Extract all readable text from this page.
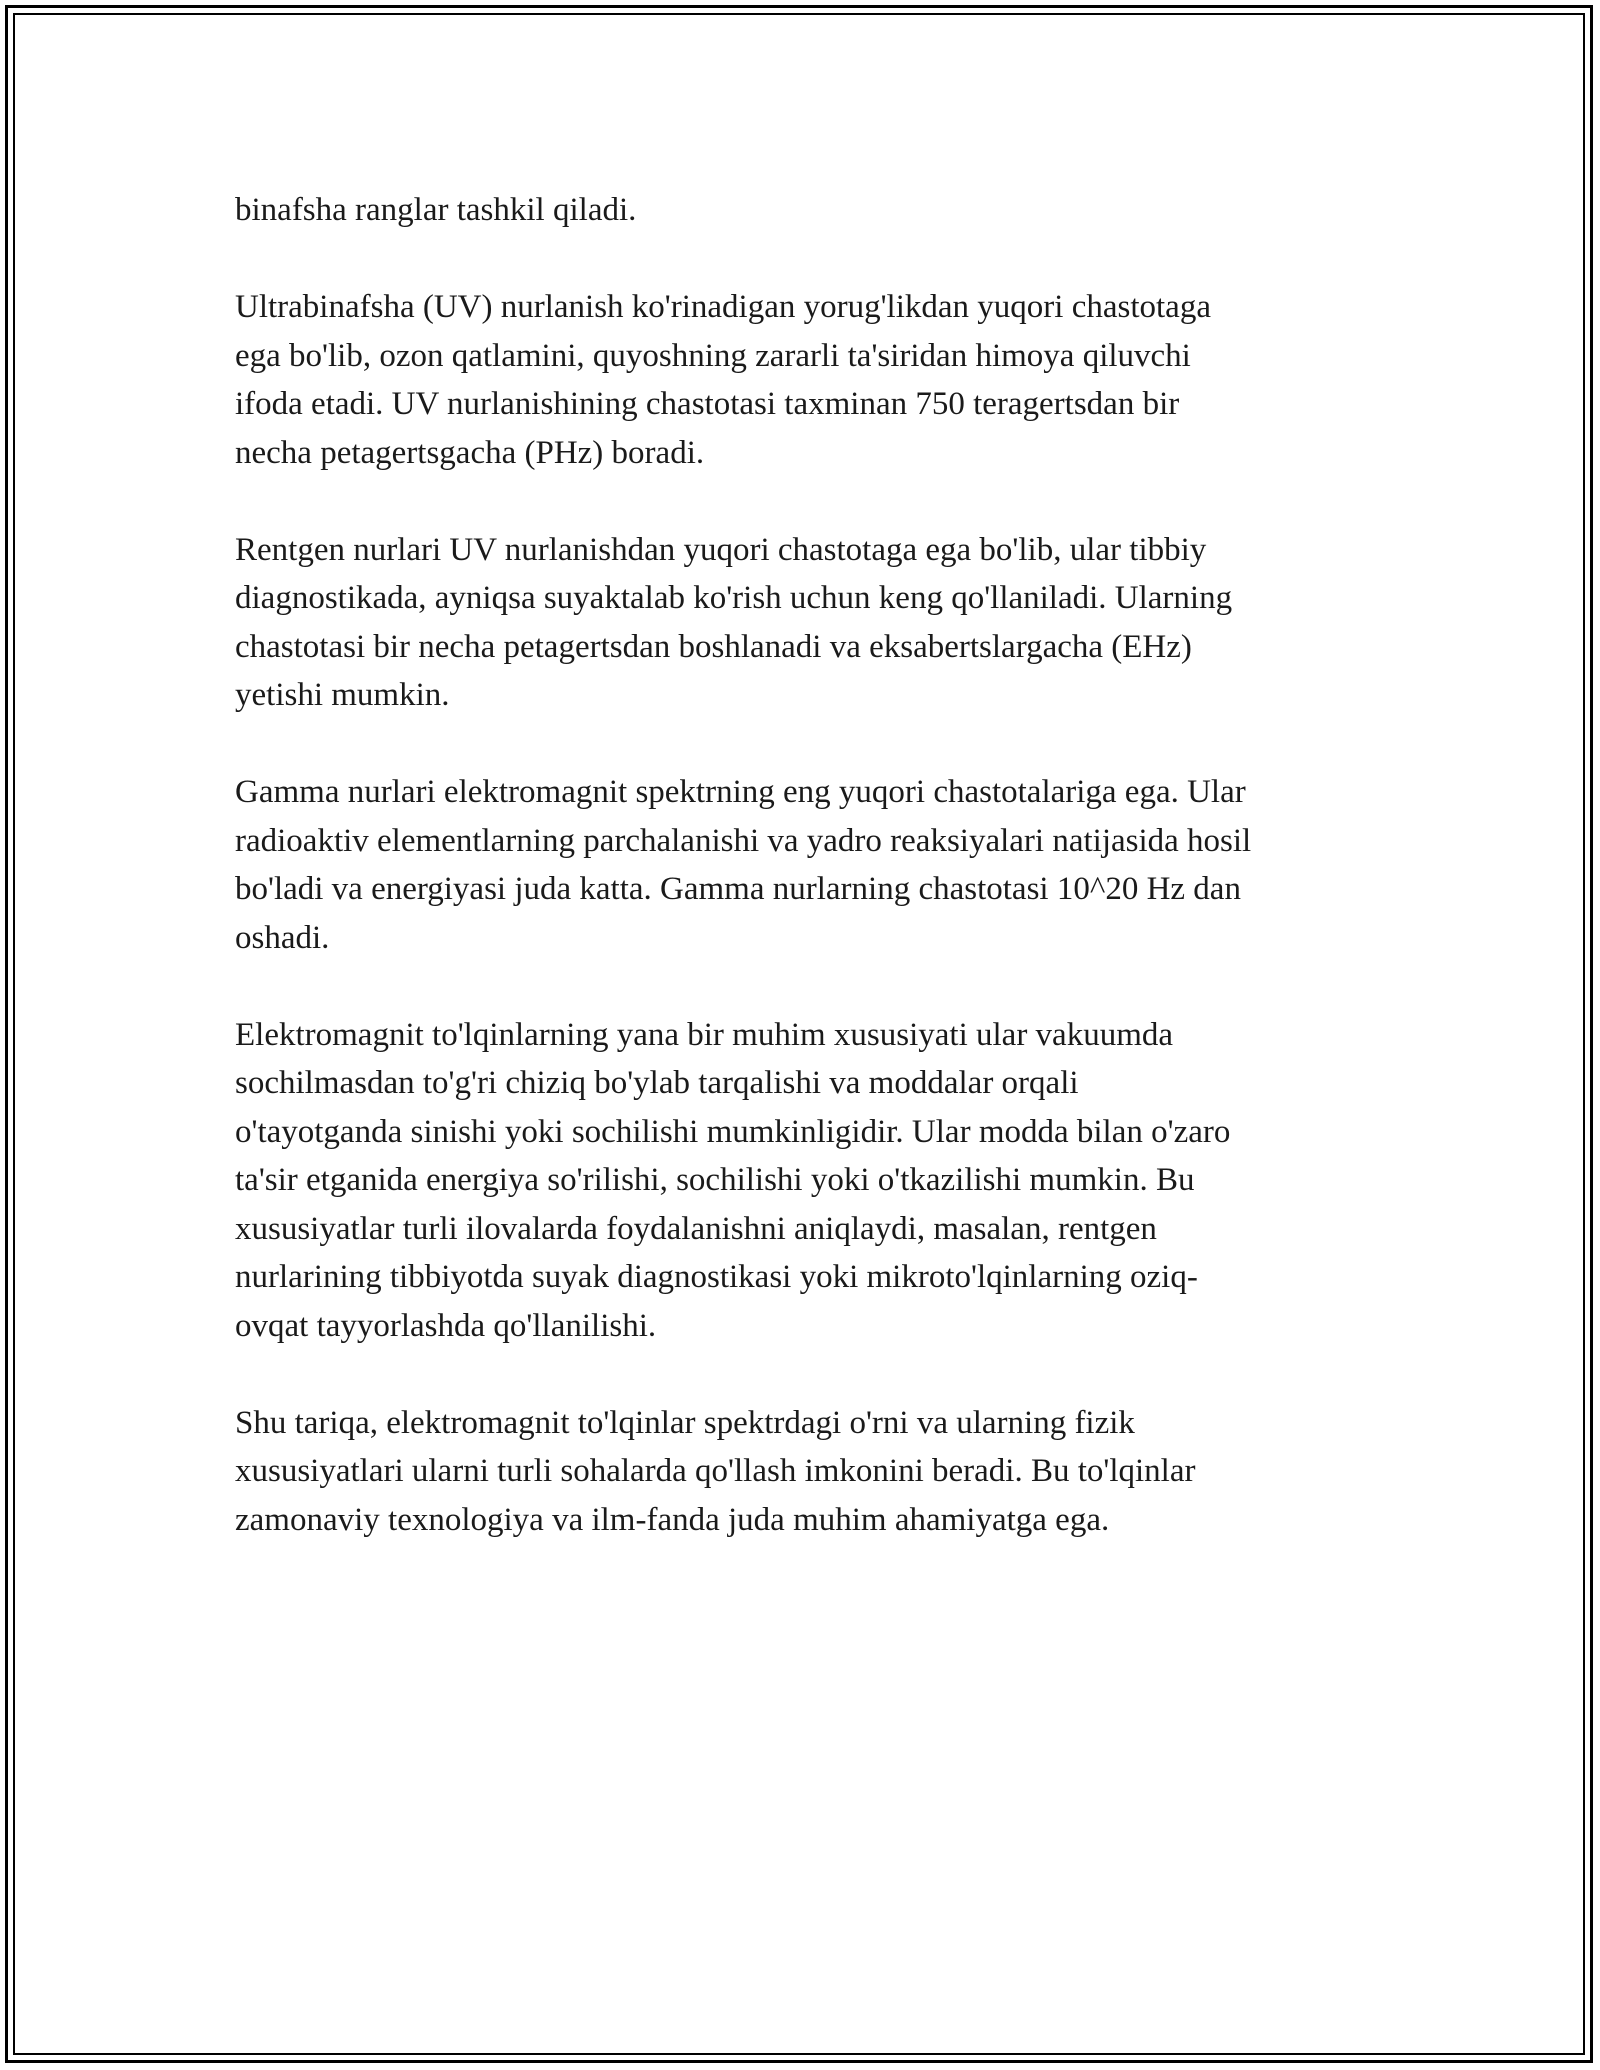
binafsha ranglar tashkil qiladi.

Ultrabinafsha (UV) nurlanish ko'rinadigan yorug'likdan yuqori chastotaga
ega bo'lib, ozon qatlamini, quyoshning zararli ta'siridan himoya qiluvchi
ifoda etadi. UV nurlanishining chastotasi taxminan 750 teragertsdan bir
necha petagertsgacha (PHz) boradi.

Rentgen nurlari UV nurlanishdan yuqori chastotaga ega bo'lib, ular tibbiy
diagnostikada, ayniqsa suyaktalab ko'rish uchun keng qo'llaniladi. Ularning
chastotasi bir necha petagertsdan boshlanadi va eksabertslargacha (EHz)
yetishi mumkin.

Gamma nurlari elektromagnit spektrning eng yuqori chastotalariga ega. Ular
radioaktiv elementlarning parchalanishi va yadro reaksiyalari natijasida hosil
bo'ladi va energiyasi juda katta. Gamma nurlarning chastotasi 10^20 Hz dan
oshadi.

Elektromagnit to'lqinlarning yana bir muhim xususiyati ular vakuumda
sochilmasdan to'g'ri chiziq bo'ylab tarqalishi va moddalar orqali
o'tayotganda sinishi yoki sochilishi mumkinligidir. Ular modda bilan o'zaro
ta'sir etganida energiya so'rilishi, sochilishi yoki o'tkazilishi mumkin. Bu
xususiyatlar turli ilovalarda foydalanishni aniqlaydi, masalan, rentgen
nurlarining tibbiyotda suyak diagnostikasi yoki mikroto'lqinlarning oziq-
ovqat tayyorlashda qo'llanilishi.

Shu tariqa, elektromagnit to'lqinlar spektrdagi o'rni va ularning fizik
xususiyatlari ularni turli sohalarda qo'llash imkonini beradi. Bu to'lqinlar
zamonaviy texnologiya va ilm-fanda juda muhim ahamiyatga ega.
